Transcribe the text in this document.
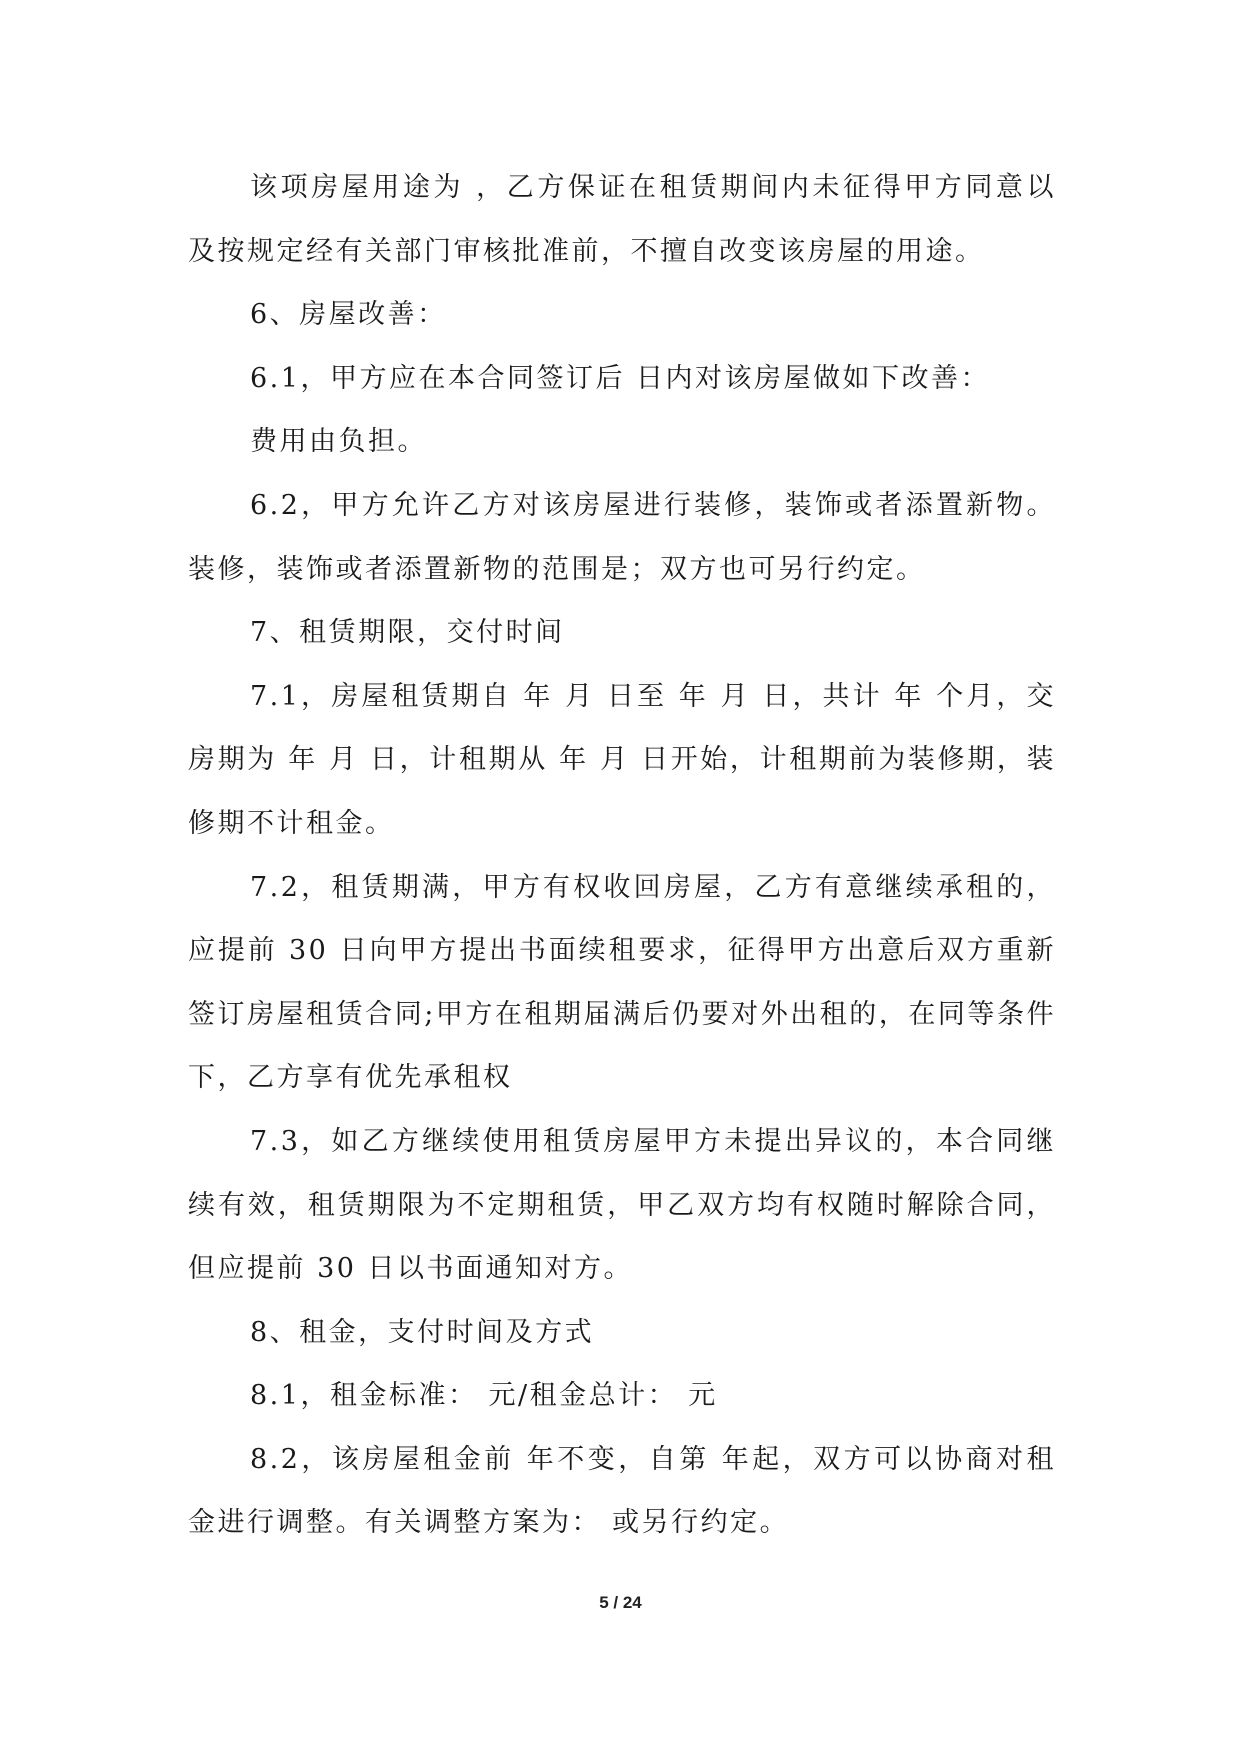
该项房屋用途为 ，乙方保证在租赁期间内未征得甲方同意以及按规定经有关部门审核批准前，不擅自改变该房屋的用途。

6、房屋改善：

6.1，甲方应在本合同签订后 日内对该房屋做如下改善：

费用由负担。

6.2，甲方允许乙方对该房屋进行装修，装饰或者添置新物。装修，装饰或者添置新物的范围是；双方也可另行约定。

7、租赁期限，交付时间

7.1，房屋租赁期自 年 月 日至 年 月 日，共计 年 个月，交房期为 年 月 日，计租期从 年 月 日开始，计租期前为装修期，装修期不计租金。

7.2，租赁期满，甲方有权收回房屋，乙方有意继续承租的，应提前 30 日向甲方提出书面续租要求，征得甲方出意后双方重新签订房屋租赁合同;甲方在租期届满后仍要对外出租的，在同等条件下，乙方享有优先承租权

7.3，如乙方继续使用租赁房屋甲方未提出异议的，本合同继续有效，租赁期限为不定期租赁，甲乙双方均有权随时解除合同，但应提前 30 日以书面通知对方。

8、租金，支付时间及方式

8.1，租金标准： 元/租金总计： 元

8.2，该房屋租金前 年不变，自第 年起，双方可以协商对租金进行调整。有关调整方案为： 或另行约定。

5 / 24
